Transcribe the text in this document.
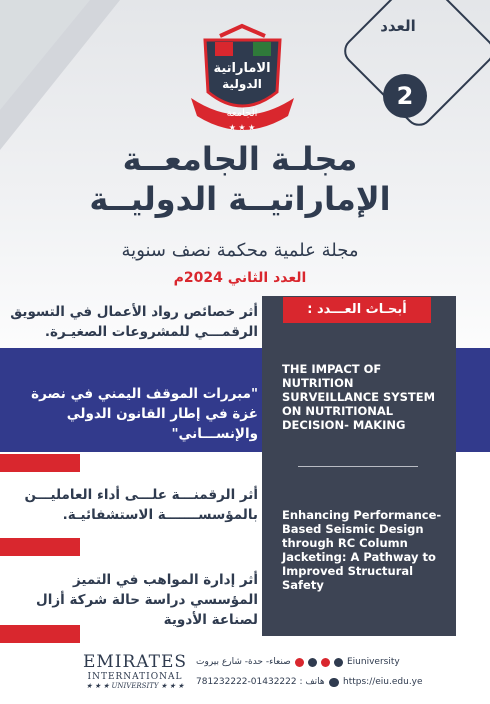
العدد
2
الاماراتية
الدولية
الجامعة
★ ★ ★
مجلـة الجامعــة
الإماراتيــة الدوليــة
مجلة علمية محكمة نصف سنوية
العدد الثاني 2024م
أبحـاث العـــدد :
THE IMPACT OF NUTRITION SURVEILLANCE SYSTEM ON NUTRITIONAL DECISION- MAKING
Enhancing Performance-Based Seismic Design through RC Column Jacketing: A Pathway to Improved Structural Safety
أثر خصائص رواد الأعمال في التسويق الرقمـــي للمشروعات الصغيـرة.
"مبررات الموقف اليمني في نصرة غزة في إطار القانون الدولي والإنســـاني"
أثر الرقمنـــة علـــى أداء العامليـــن بالمؤسســـــــة الاستشفائيـة.
أثر إدارة المواهب في التميز المؤسسي دراسة حالة شركة أزال لصناعة الأدوية
EMIRATES
INTERNATIONAL
★ ★ ★ UNIVERSITY ★ ★ ★
صنعاء- حدة- شارع بيروت	Eiuniversity
هاتف : 01432222-781232222 https://eiu.edu.ye
